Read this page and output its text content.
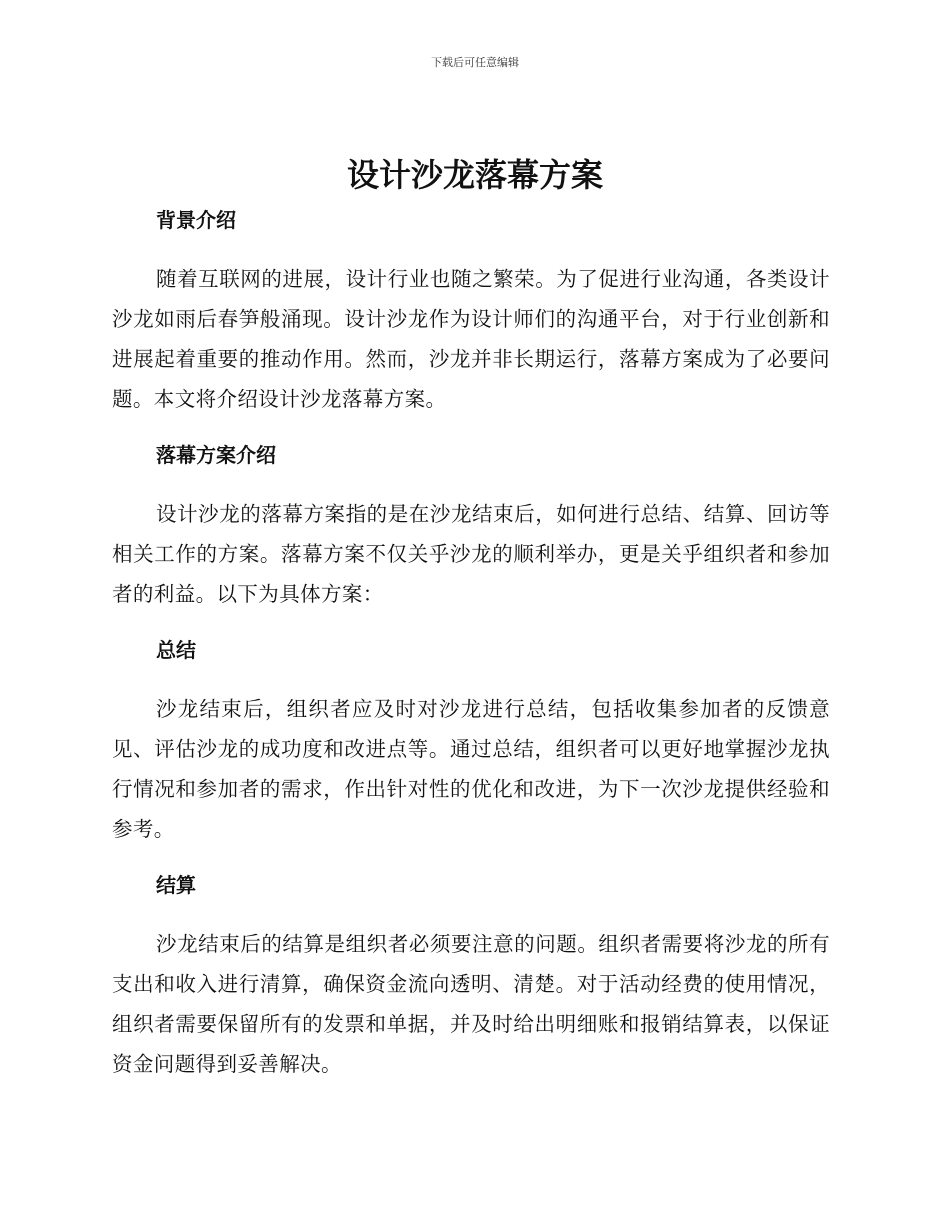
下载后可任意编辑
设计沙龙落幕方案
背景介绍

随着互联网的进展，设计行业也随之繁荣。为了促进行业沟通，各类设计沙龙如雨后春笋般涌现。设计沙龙作为设计师们的沟通平台，对于行业创新和进展起着重要的推动作用。然而，沙龙并非长期运行，落幕方案成为了必要问题。本文将介绍设计沙龙落幕方案。

落幕方案介绍

设计沙龙的落幕方案指的是在沙龙结束后，如何进行总结、结算、回访等相关工作的方案。落幕方案不仅关乎沙龙的顺利举办，更是关乎组织者和参加者的利益。以下为具体方案：

总结

沙龙结束后，组织者应及时对沙龙进行总结，包括收集参加者的反馈意见、评估沙龙的成功度和改进点等。通过总结，组织者可以更好地掌握沙龙执行情况和参加者的需求，作出针对性的优化和改进，为下一次沙龙提供经验和参考。

结算

沙龙结束后的结算是组织者必须要注意的问题。组织者需要将沙龙的所有支出和收入进行清算，确保资金流向透明、清楚。对于活动经费的使用情况，组织者需要保留所有的发票和单据，并及时给出明细账和报销结算表，以保证资金问题得到妥善解决。
